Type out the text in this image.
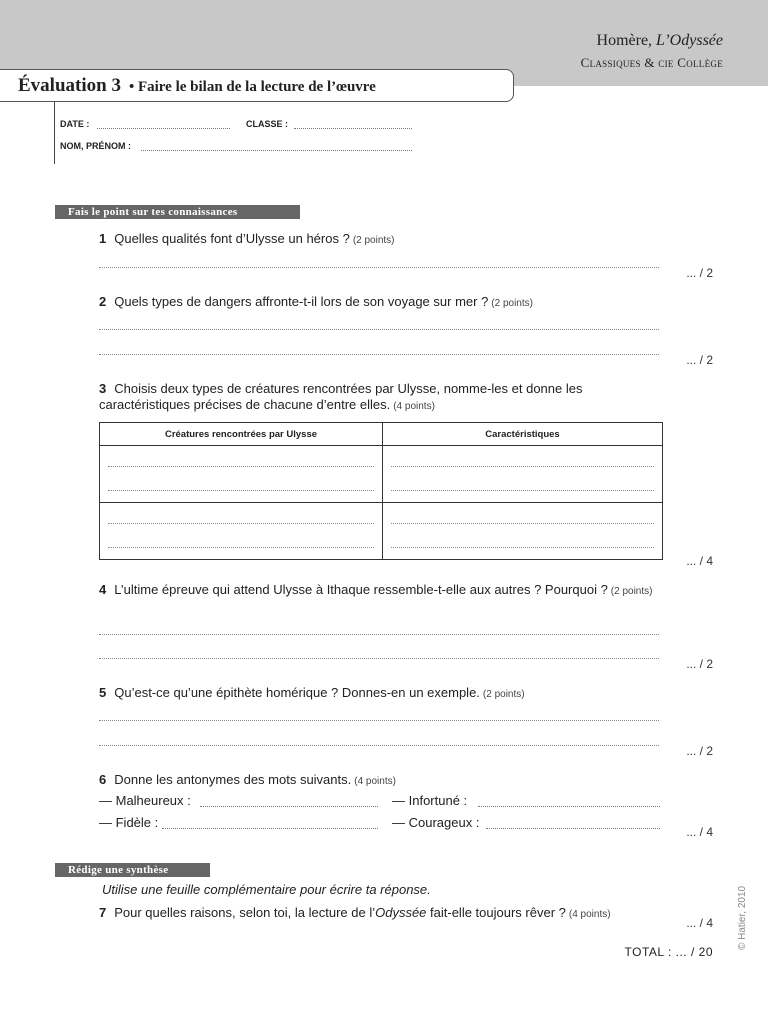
Homère, L’Odyssée
Classiques & cie Collège
Évaluation 3 • Faire le bilan de la lecture de l’œuvre
DATE :	CLASSE :
NOM, PRÉNOM :
Fais le point sur tes connaissances
1 Quelles qualités font d’Ulysse un héros ? (2 points)
... / 2
2 Quels types de dangers affronte-t-il lors de son voyage sur mer ? (2 points)
... / 2
3 Choisis deux types de créatures rencontrées par Ulysse, nomme-les et donne les caractéristiques précises de chacune d’entre elles. (4 points)
Créatures rencontrées par Ulysse	Caractéristiques

... / 4
4 L’ultime épreuve qui attend Ulysse à Ithaque ressemble-t-elle aux autres ? Pourquoi ? (2 points)
... / 2
5 Qu’est-ce qu’une épithète homérique ? Donnes-en un exemple. (2 points)
... / 2
6 Donne les antonymes des mots suivants. (4 points)
— Malheureux :	— Infortuné :
— Fidèle :	— Courageux :
... / 4
Rédige une synthèse
Utilise une feuille complémentaire pour écrire ta réponse.
7 Pour quelles raisons, selon toi, la lecture de l’Odyssée fait-elle toujours rêver ? (4 points)
... / 4
TOTAL : ... / 20
© Hatier, 2010
